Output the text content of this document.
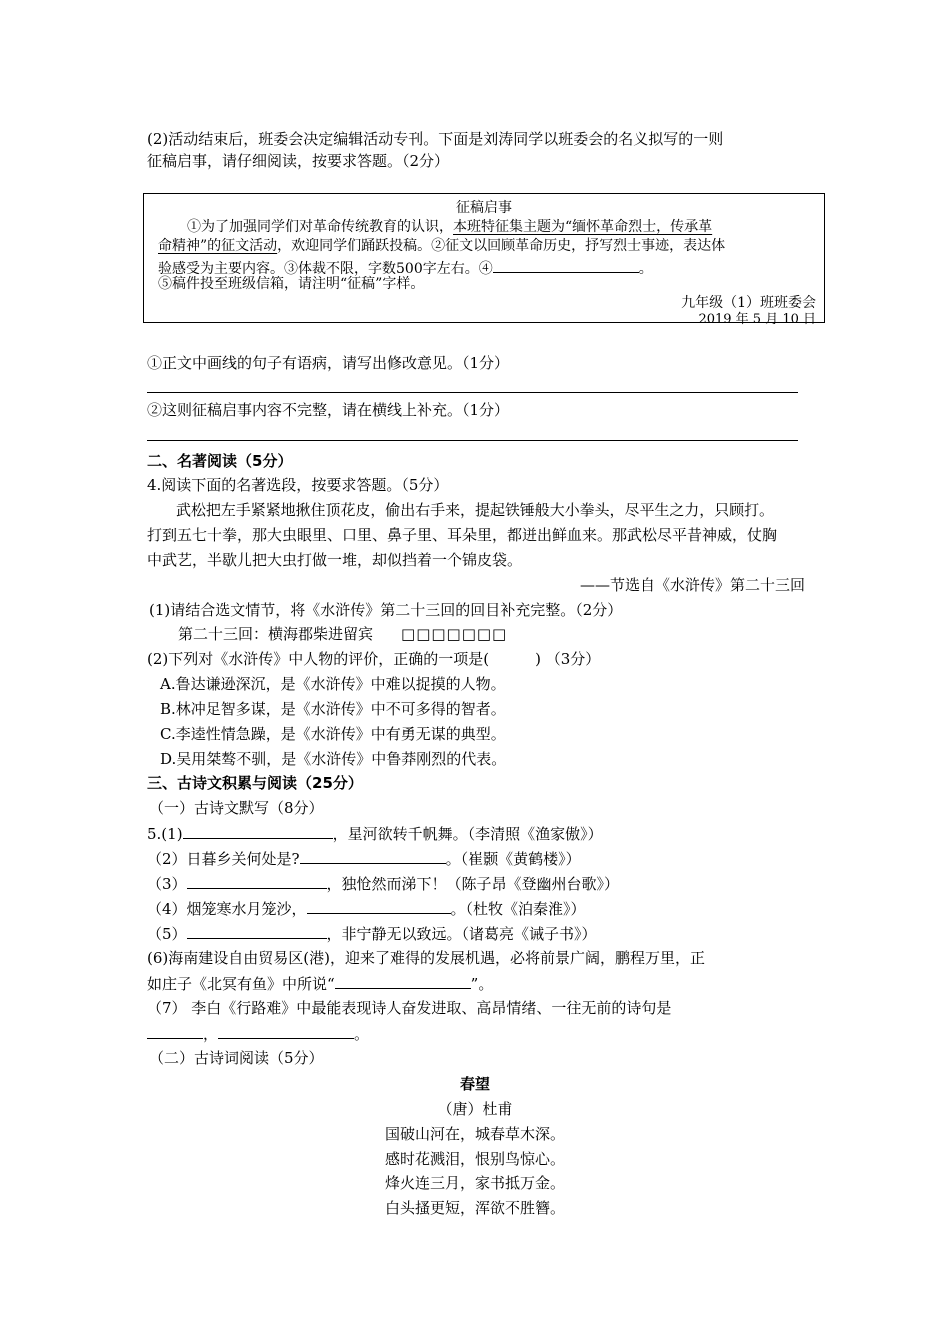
(2)活动结束后，班委会决定编辑活动专刊。下面是刘涛同学以班委会的名义拟写的一则
征稿启事，请仔细阅读，按要求答题。（2分）
征稿启事
①为了加强同学们对革命传统教育的认识，本班特征集主题为“缅怀革命烈士，传承革
命精神”的征文活动，欢迎同学们踊跃投稿。②征文以回顾革命历史，抒写烈士事迹，表达体
验感受为主要内容。③体裁不限，字数500字左右。④	。
⑤稿件投至班级信箱，请注明“征稿”字样。
九年级（1）班班委会
2019 年 5 月 10 日
①正文中画线的句子有语病，请写出修改意见。（1分）
②这则征稿启事内容不完整，请在横线上补充。（1分）
二、名著阅读（5分）
4.阅读下面的名著选段，按要求答题。（5分）
武松把左手紧紧地揪住顶花皮，偷出右手来，提起铁锤般大小拳头，尽平生之力，只顾打。
打到五七十拳，那大虫眼里、口里、鼻子里、耳朵里，都迸出鲜血来。那武松尽平昔神威，仗胸
中武艺，半歇儿把大虫打做一堆，却似挡着一个锦皮袋。
——节选自《水浒传》第二十三回
(1)请结合选文情节，将《水浒传》第二十三回的回目补充完整。（2分）
第二十三回：横海郡柴进留宾 □□□□□□□
(2)下列对《水浒传》中人物的评价，正确的一项是(	) （3分）
A.鲁达谦逊深沉，是《水浒传》中难以捉摸的人物。
B.林冲足智多谋，是《水浒传》中不可多得的智者。
C.李逵性情急躁，是《水浒传》中有勇无谋的典型。
D.吴用桀骜不驯，是《水浒传》中鲁莽刚烈的代表。
三、古诗文积累与阅读（25分）
（一）古诗文默写（8分）
5.(1)	，星河欲转千帆舞。（李清照《渔家傲》）
（2）日暮乡关何处是?	。（崔颢《黄鹤楼》）
（3）	，独怆然而涕下！（陈子昂《登幽州台歌》）
（4）烟笼寒水月笼沙，	。（杜牧《泊秦淮》）
（5）	，非宁静无以致远。（诸葛亮《诫子书》）
(6)海南建设自由贸易区(港)，迎来了难得的发展机遇，必将前景广阔，鹏程万里，正
如庄子《北冥有鱼》中所说“	”。
（7） 李白《行路难》中最能表现诗人奋发进取、高昂情绪、一往无前的诗句是
，	。
（二）古诗词阅读（5分）
春望
（唐）杜甫
国破山河在，城春草木深。
感时花溅泪，恨别鸟惊心。
烽火连三月，家书抵万金。
白头搔更短，浑欲不胜簪。
